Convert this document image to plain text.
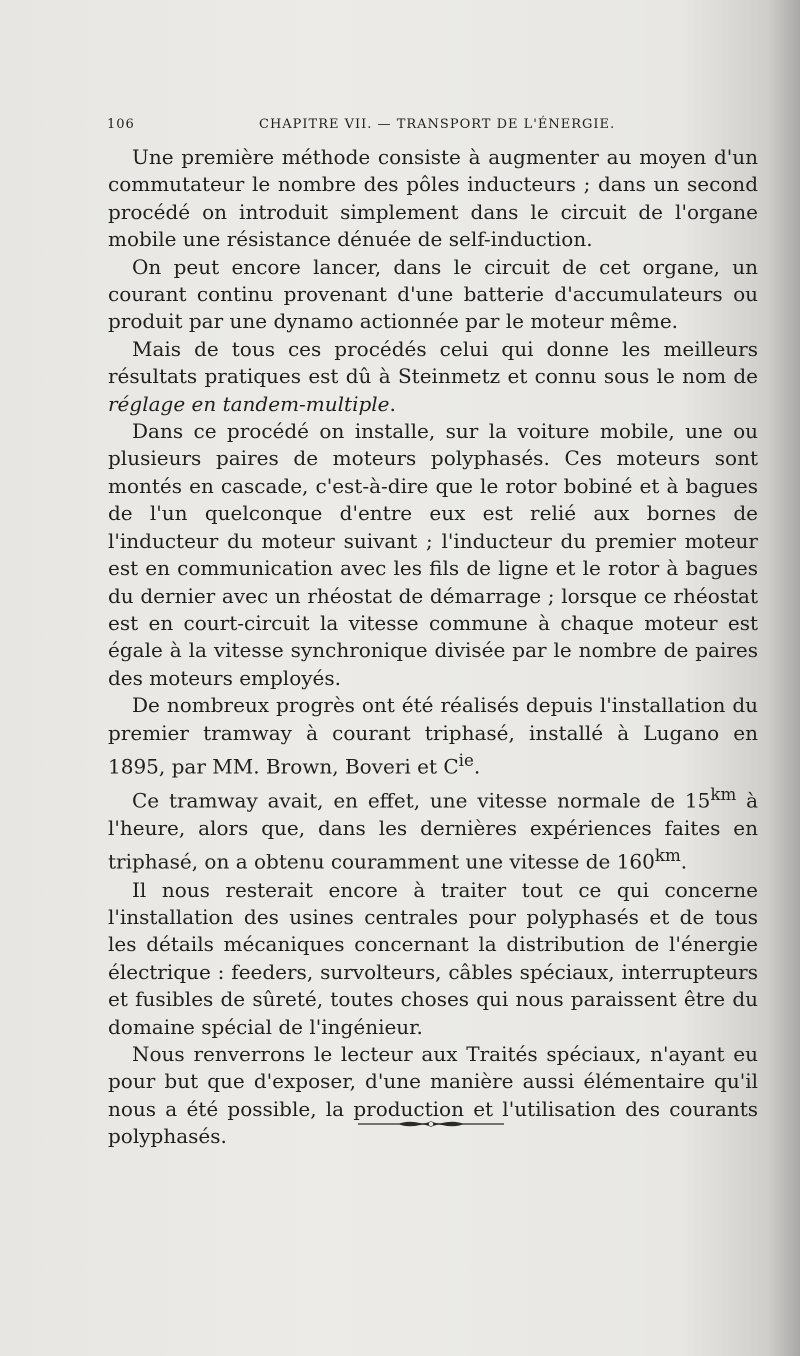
106	CHAPITRE VII. — TRANSPORT DE L'ÉNERGIE.

Une première méthode consiste à augmenter au moyen d'un commutateur le nombre des pôles inducteurs ; dans un second procédé on introduit simplement dans le circuit de l'organe mobile une résistance dénuée de self-induction.

On peut encore lancer, dans le circuit de cet organe, un courant continu provenant d'une batterie d'accumulateurs ou produit par une dynamo actionnée par le moteur même.

Mais de tous ces procédés celui qui donne les meilleurs résultats pratiques est dû à Steinmetz et connu sous le nom de réglage en tandem-multiple.

Dans ce procédé on installe, sur la voiture mobile, une ou plusieurs paires de moteurs polyphasés. Ces moteurs sont montés en cascade, c'est-à-dire que le rotor bobiné et à bagues de l'un quelconque d'entre eux est relié aux bornes de l'inducteur du moteur suivant ; l'inducteur du premier moteur est en communication avec les fils de ligne et le rotor à bagues du dernier avec un rhéostat de démarrage ; lorsque ce rhéostat est en court-circuit la vitesse commune à chaque moteur est égale à la vitesse synchronique divisée par le nombre de paires des moteurs employés.

De nombreux progrès ont été réalisés depuis l'installation du premier tramway à courant triphasé, installé à Lugano en 1895, par MM. Brown, Boveri et $C^{ie}$.

Ce tramway avait, en effet, une vitesse normale de $15^{km}$ à l'heure, alors que, dans les dernières expériences faites en triphasé, on a obtenu couramment une vitesse de $160^{km}$.

Il nous resterait encore à traiter tout ce qui concerne l'installation des usines centrales pour polyphasés et de tous les détails mécaniques concernant la distribution de l'énergie électrique : feeders, survolteurs, câbles spéciaux, interrupteurs et fusibles de sûreté, toutes choses qui nous paraissent être du domaine spécial de l'ingénieur.

Nous renverrons le lecteur aux Traités spéciaux, n'ayant eu pour but que d'exposer, d'une manière aussi élémentaire qu'il nous a été possible, la production et l'utilisation des courants polyphasés.
